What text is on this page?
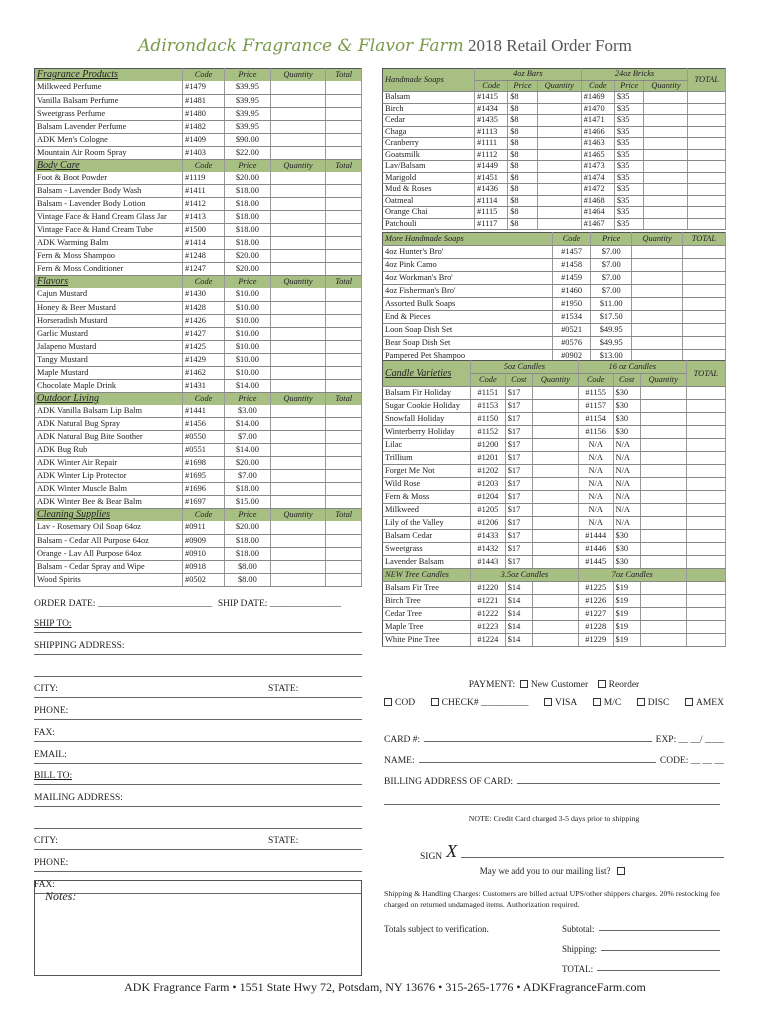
Adirondack Fragrance & Flavor Farm 2018 Retail Order Form
Fragrance Products	Code	Price	Quantity	Total
Milkweed Perfume	#1479	$39.95		
Vanilla Balsam Perfume	#1481	$39.95		
Sweetgrass Perfume	#1480	$39.95		
Balsam Lavender Perfume	#1482	$39.95		
ADK Men's Cologne	#1409	$90.00		
Mountain Air Room Spray	#1403	$22.00		
Body Care	Code	Price	Quantity	Total
Foot & Boot Powder	#1119	$20.00		
Balsam - Lavender Body Wash	#1411	$18.00		
Balsam - Lavender Body Lotion	#1412	$18.00		
Vintage Face & Hand Cream Glass Jar	#1413	$18.00		
Vintage Face & Hand Cream Tube	#1500	$18.00		
ADK Warming Balm	#1414	$18.00		
Fern & Moss Shampoo	#1248	$20.00		
Fern & Moss Conditioner	#1247	$20.00		
Flavors	Code	Price	Quantity	Total
Cajun Mustard	#1430	$10.00		
Honey & Beer Mustard	#1428	$10.00		
Horseradish Mustard	#1426	$10.00		
Garlic Mustard	#1427	$10.00		
Jalapeno Mustard	#1425	$10.00		
Tangy Mustard	#1429	$10.00		
Maple Mustard	#1462	$10.00		
Chocolate Maple Drink	#1431	$14.00		
Outdoor Living	Code	Price	Quantity	Total
ADK Vanilla Balsam Lip Balm	#1441	$3.00		
ADK Natural Bug Spray	#1456	$14.00		
ADK Natural Bug Bite Soother	#0550	$7.00		
ADK Bug Rub	#0551	$14.00		
ADK Winter Air Repair	#1698	$20.00		
ADK Winter Lip Protector	#1695	$7.00		
ADK Winter Muscle Balm	#1696	$18.00		
ADK Winter Bee & Bear Balm	#1697	$15.00		
Cleaning Supplies	Code	Price	Quantity	Total
Lav - Rosemary Oil Soap 64oz	#0911	$20.00		
Balsam - Cedar All Purpose 64oz	#0909	$18.00		
Orange - Lav All Purpose 64oz	#0910	$18.00		
Balsam - Cedar Spray and Wipe	#0918	$8.00		
Wood Spirits	#0502	$8.00		
Handmade Soaps	4oz Bars			24oz Bricks			TOTAL
	Code	Price	Quantity	Code	Price	Quantity	
Balsam	#1415	$8		#1469	$35		
Birch	#1434	$8		#1470	$35		
Cedar	#1435	$8		#1471	$35		
Chaga	#1113	$8		#1466	$35		
Cranberry	#1111	$8		#1463	$35		
Goatsmilk	#1112	$8		#1465	$35		
Lav/Balsam	#1449	$8		#1473	$35		
Marigold	#1451	$8		#1474	$35		
Mud & Roses	#1436	$8		#1472	$35		
Oatmeal	#1114	$8		#1468	$35		
Orange Chai	#1115	$8		#1464	$35		
Patchouli	#1117	$8		#1467	$35		
More Handmade Soaps	Code	Price	Quantity	TOTAL
4oz Hunter's Bro'	#1457	$7.00		
4oz Pink Camo	#1458	$7.00		
4oz Workman's Bro'	#1459	$7.00		
4oz Fisherman's Bro'	#1460	$7.00		
Assorted Bulk Soaps	#1950	$11.00		
End & Pieces	#1534	$17.50		
Loon Soap Dish Set	#0521	$49.95		
Bear Soap Dish Set	#0576	$49.95		
Pampered Pet Shampoo	#0902	$13.00		
Candle Varieties	5oz Candles			16 oz Candles			TOTAL
	Code	Cost	Quantity	Code	Cost	Quantity	
Balsam Fir Holiday	#1151	$17		#1155	$30		
Sugar Cookie Holiday	#1153	$17		#1157	$30		
Snowfall Holiday	#1150	$17		#1154	$30		
Winterberry Holiday	#1152	$17		#1156	$30		
Lilac	#1200	$17		N/A	N/A		
Trillium	#1201	$17		N/A	N/A		
Forget Me Not	#1202	$17		N/A	N/A		
Wild Rose	#1203	$17		N/A	N/A		
Fern & Moss	#1204	$17		N/A	N/A		
Milkweed	#1205	$17		N/A	N/A		
Lily of the Valley	#1206	$17		N/A	N/A		
Balsam Cedar	#1433	$17		#1444	$30		
Sweetgrass	#1432	$17		#1446	$30		
Lavender Balsam	#1443	$17		#1445	$30		
NEW Tree Candles	3.5oz Candles			7oz Candles			
Balsam Fir Tree	#1220	$14		#1225	$19		
Birch Tree	#1221	$14		#1226	$19		
Cedar Tree	#1222	$14		#1227	$19		
Maple Tree	#1223	$14		#1228	$19		
White Pine Tree	#1224	$14		#1229	$19		
ORDER DATE: ________________________ SHIP DATE: _______________
SHIP TO:
SHIPPING ADDRESS:
CITY:	STATE:
PHONE:
FAX:
EMAIL:
BILL TO:
MAILING ADDRESS:
CITY:	STATE:
PHONE:
FAX:
Notes:
PAYMENT: New Customer Reorder
COD	CHECK# __________	VISA	M/C	DISC	AMEX
CARD #:	EXP: __ __/ ____
NAME:	CODE: __ __ __
BILLING ADDRESS OF CARD:
NOTE: Credit Card charged 3-5 days prior to shipping
SIGN X
May we add you to our mailing list?
Shipping & Handling Charges: Customers are billed actual UPS/other shippers charges. 20% restocking fee charged on returned undamaged items. Authorization required.
Totals subject to verification.	Subtotal:
Shipping:
TOTAL:
ADK Fragrance Farm • 1551 State Hwy 72, Potsdam, NY 13676 • 315-265-1776 • ADKFragranceFarm.com
